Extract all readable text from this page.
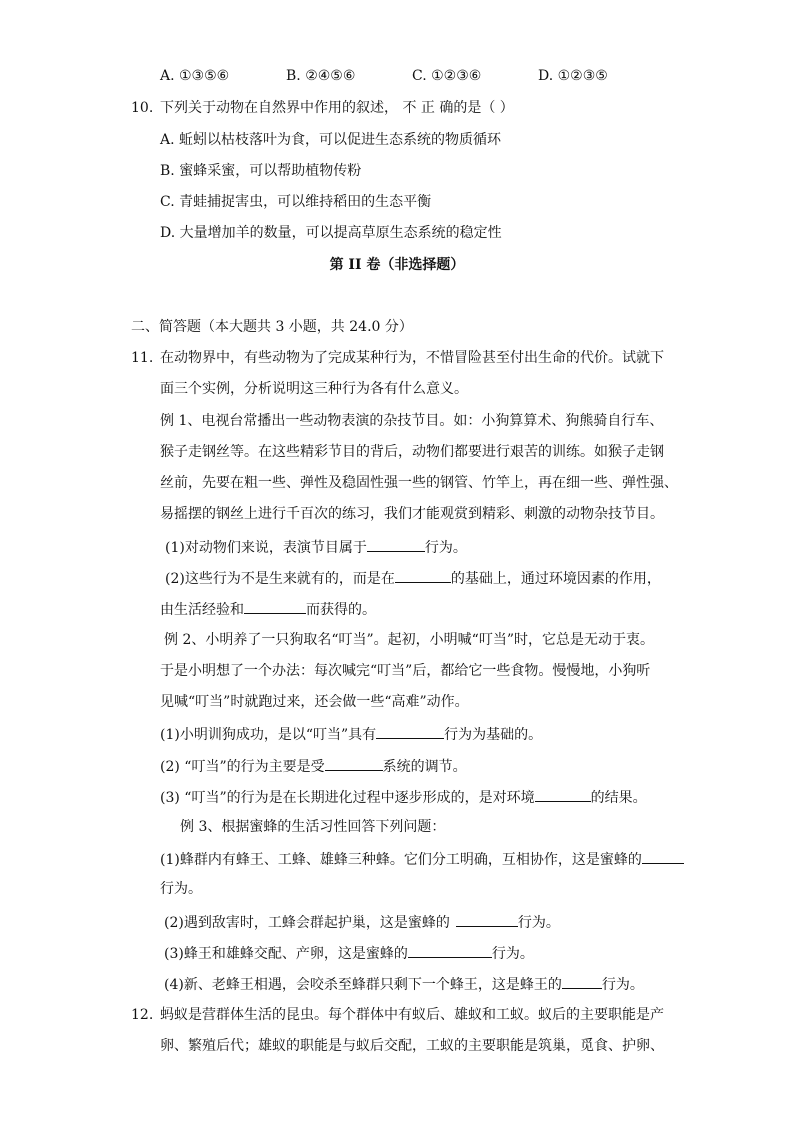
A. ①③⑤⑥	B. ②④⑤⑥	C. ①②③⑥	D. ①②③⑤
10. 下列关于动物在自然界中作用的叙述， 不 正 确的是（ ）
A. 蚯蚓以枯枝落叶为食，可以促进生态系统的物质循环
B. 蜜蜂采蜜，可以帮助植物传粉
C. 青蛙捕捉害虫，可以维持稻田的生态平衡
D. 大量增加羊的数量，可以提高草原生态系统的稳定性
第 II 卷（非选择题）
二、简答题（本大题共 3 小题，共 24.0 分）
11. 在动物界中，有些动物为了完成某种行为，不惜冒险甚至付出生命的代价。试就下
面三个实例，分析说明这三种行为各有什么意义。
例 1、电视台常播出一些动物表演的杂技节目。如：小狗算算术、狗熊骑自行车、
猴子走钢丝等。在这些精彩节目的背后，动物们都要进行艰苦的训练。如猴子走钢
丝前，先要在粗一些、弹性及稳固性强一些的钢管、竹竿上，再在细一些、弹性强、
易摇摆的钢丝上进行千百次的练习，我们才能观赏到精彩、刺激的动物杂技节目。
(1)对动物们来说，表演节目属于	行为。
(2)这些行为不是生来就有的，而是在	的基础上，通过环境因素的作用，
由生活经验和	而获得的。
例 2、小明养了一只狗取名“叮当”。起初，小明喊“叮当”时，它总是无动于衷。
于是小明想了一个办法：每次喊完“叮当”后，都给它一些食物。慢慢地，小狗听
见喊“叮当”时就跑过来，还会做一些“高难”动作。
(1)小明训狗成功，是以“叮当”具有	行为为基础的。
(2) “叮当”的行为主要是受	系统的调节。
(3) “叮当”的行为是在长期进化过程中逐步形成的，是对环境	的结果。
例 3、根据蜜蜂的生活习性回答下列问题：
(1)蜂群内有蜂王、工蜂、雄蜂三种蜂。它们分工明确，互相协作，这是蜜蜂的
行为。
(2)遇到敌害时，工蜂会群起护巢，这是蜜蜂的	行为。
(3)蜂王和雄蜂交配、产卵，这是蜜蜂的	行为。
(4)新、老蜂王相遇，会咬杀至蜂群只剩下一个蜂王，这是蜂王的	行为。
12. 蚂蚁是营群体生活的昆虫。每个群体中有蚁后、雄蚁和工蚁。蚁后的主要职能是产
卵、繁殖后代；雄蚁的职能是与蚁后交配，工蚁的主要职能是筑巢，觅食、护卵、
